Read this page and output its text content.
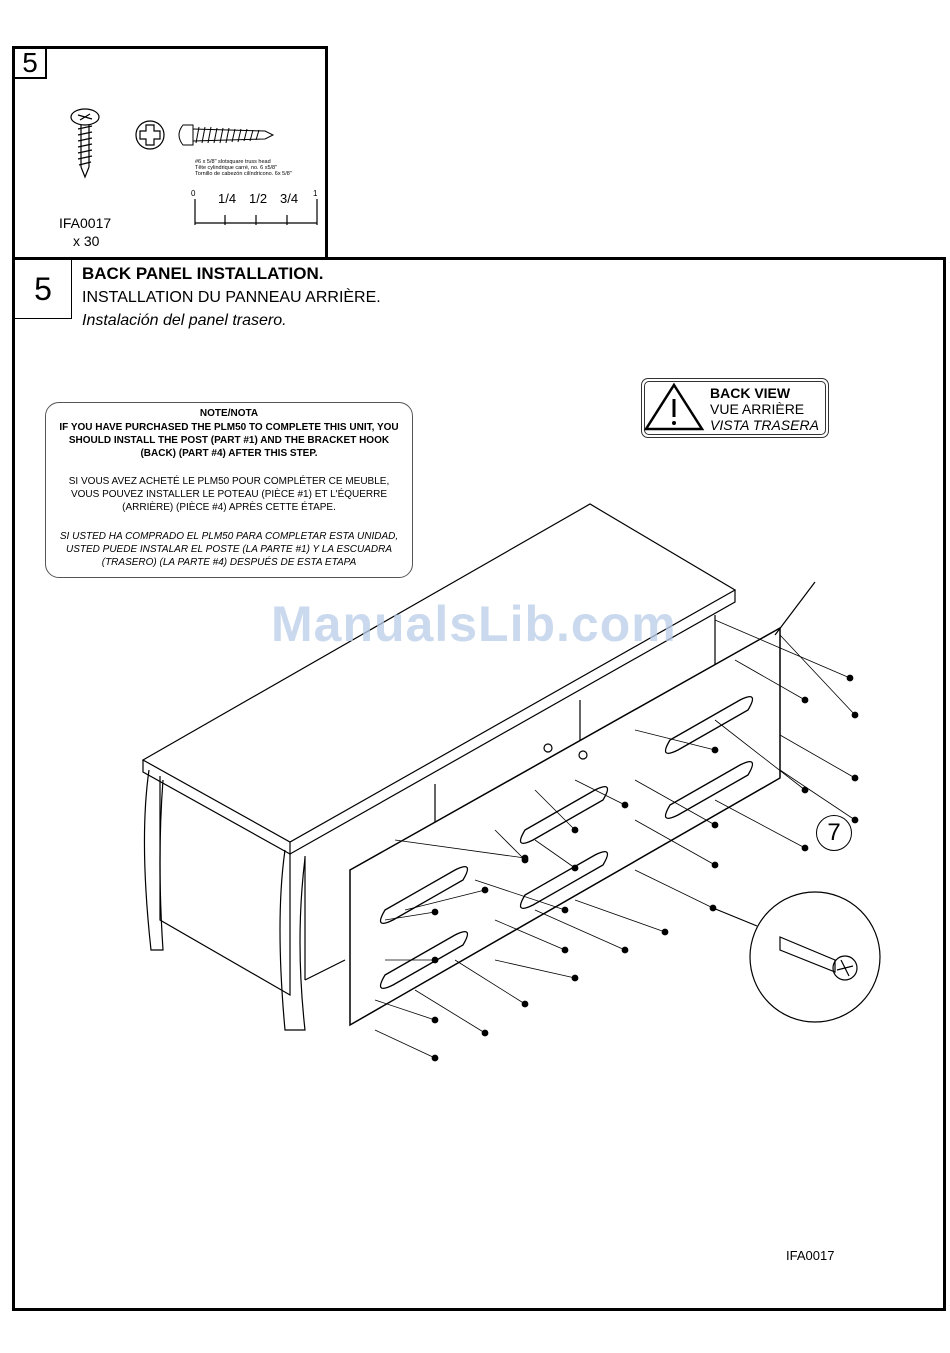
5
IFA0017
x 30
#6 x 5/8" slotsquare truss head
Tête cylindrique carré, no. 6 x5/8"
Tornillo de cabezón cilíndricono. 6x 5/8"
0 1/4 1/2 3/4 1
5	BACK PANEL INSTALLATION.
INSTALLATION DU PANNEAU ARRIÈRE.
Instalación del panel trasero.
NOTE/NOTA
IF YOU HAVE PURCHASED THE PLM50 TO COMPLETE THIS UNIT, YOU SHOULD INSTALL THE POST (PART #1) AND THE BRACKET HOOK (BACK) (PART #4) AFTER THIS STEP.
SI VOUS AVEZ ACHETÉ LE PLM50 POUR COMPLÉTER CE MEUBLE, VOUS POUVEZ INSTALLER LE POTEAU (PIÈCE #1) ET L'ÉQUERRE (ARRIÈRE) (PIÈCE #4) APRÈS CETTE ÉTAPE.
SI USTED HA COMPRADO EL PLM50 PARA COMPLETAR ESTA UNIDAD, USTED PUEDE INSTALAR EL POSTE (LA PARTE #1) Y LA ESCUADRA (TRASERO) (LA PARTE #4) DESPUÉS DE ESTA ETAPA
BACK VIEW
VUE ARRIÈRE
VISTA TRASERA
7
IFA0017
ManualsLib.com
